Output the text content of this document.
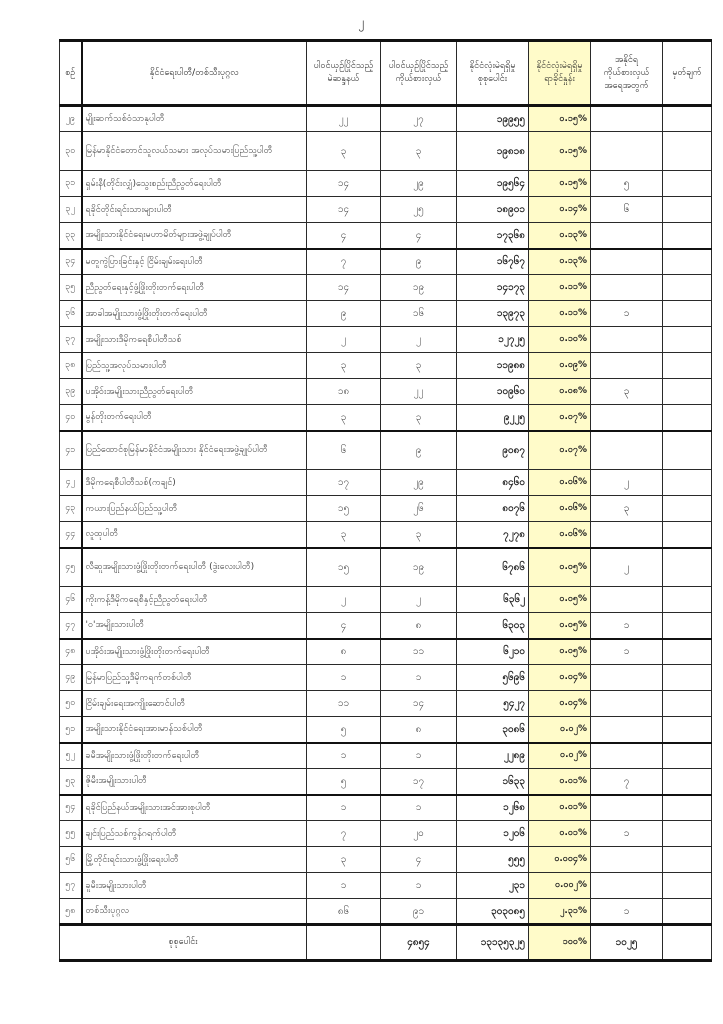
၂
စဉ်	နိုင်ငံရေးပါတီ/တစ်သီးပုဂ္ဂလ	ပါဝင်ယှဉ်ပြိုင်သည့်မဲဆန္ဒနယ်	ပါဝင်ယှဉ်ပြိုင်သည့်ကိုယ်စားလှယ်	နိုင်ငံလုံးမဲရရှိမှုစုစုပေါင်း	နိုင်ငံလုံးမဲရရှိမှုရာခိုင်နှုန်း	အနိုင်ရကိုယ်စားလှယ်အရေအတွက်	မှတ်ချက်
၂၉	မျိုးဆက်သစ်ဝံသာနုပါတီ	၂၂	၂၇	၁၉၉၅၅	၀.၁၅%		
၃၀	မြန်မာနိုင်ငံတောင်သူလယ်သမား အလုပ်သမားပြည်သူ့ပါတီ	၃	၃	၁၉၈၁၈	၀.၁၅%		
၃၁	ရှမ်းနီ(တိုင်းလျှံ)သွေးစည်းညီညွတ်ရေးပါတီ	၁၄	၂၉	၁၉၅၆၄	၀.၁၅%	၅	
၃၂	ရခိုင်တိုင်းရင်းသားများပါတီ	၁၄	၂၅	၁၈၉၀၁	၀.၁၄%	၆	
၃၃	အမျိုးသားနိုင်ငံရေးမဟာမိတ်များအဖွဲ့ချုပ်ပါတီ	၄	၄	၁၇၃၆၈	၀.၁၃%		
၃၄	မတူကွဲပြားခြင်းနှင့် ငြိမ်းချမ်းရေးပါတီ	၇	၉	၁၆၇၆၇	၀.၁၃%		
၃၅	ညီညွတ်ရေးနှင့်ဖွံ့ဖြိုးတိုးတက်ရေးပါတီ	၁၄	၁၉	၁၄၁၇၃	၀.၁၁%		
၃၆	အာခါအမျိုးသားဖွံ့ဖြိုးတိုးတက်ရေးပါတီ	၉	၁၆	၁၃၉၇၃	၀.၁၁%	၁	
၃၇	အမျိုးသားဒီမိုကရေစီပါတီသစ်	၂	၂	၁၂၇၂၅	၀.၁၀%		
၃၈	ပြည်သူ့အလုပ်သမားပါတီ	၃	၃	၁၁၉၈၈	၀.၀၉%		
၃၉	ပအိုဝ်းအမျိုးသားညီညွတ်ရေးပါတီ	၁၈	၂၂	၁၀၉၆၀	၀.၀၈%	၃	
၄၀	မွန်တိုးတက်ရေးပါတီ	၃	၃	၉၂၂၅	၀.၀၇%		
၄၁	ပြည်ထောင်စုမြန်မာနိုင်ငံအမျိုးသား နိုင်ငံရေးအဖွဲ့ချုပ်ပါတီ	၆	၉	၉၀၈၇	၀.၀၇%		
၄၂	ဒီမိုကရေစီပါတီသစ်(ကချင်)	၁၇	၂၉	၈၄၆၀	၀.၀၆%	၂	
၄၃	ကယားပြည်နယ်ပြည်သူ့ပါတီ	၁၅	၂၆	၈၀၇၆	၀.၀၆%	၃	
၄၄	လူထုပါတီ	၃	၃	၇၂၇၈	၀.၀၆%		
၄၅	လီဆူအမျိုးသားဖွံ့ဖြိုးတိုးတက်ရေးပါတီ (ဒွဲးလေးပါတီ)	၁၅	၁၉	၆၇၈၆	၀.၀၅%	၂	
၄၆	ကိုးကန့်ဒီမိုကရေစီနှင့်ညီညွတ်ရေးပါတီ	၂	၂	၆၃၆၂	၀.၀၅%		
၄၇	'ဝ'အမျိုးသားပါတီ	၄	၈	၆၃၀၃	၀.၀၅%	၁	
၄၈	ပအိုဝ်းအမျိုးသားဖွံ့ဖြိုးတိုးတက်ရေးပါတီ	၈	၁၁	၆၂၁၀	၀.၀၅%	၁	
၄၉	မြန်မာပြည်သူ့ဒီမိုကရက်တစ်ပါတီ	၁	၁	၅၆၉၆	၀.၀၄%		
၅၀	ငြိမ်းချမ်းရေးအကျိုးဆောင်ပါတီ	၁၁	၁၄	၅၄၂၇	၀.၀၄%		
၅၁	အမျိုးသားနိုင်ငံရေးအားမာန်သစ်ပါတီ	၅	၈	၃၀၈၆	၀.၀၂%		
၅၂	ခမီအမျိုးသားဖွံ့ဖြိုးတိုးတက်ရေးပါတီ	၁	၁	၂၂၈၉	၀.၀၂%		
၅၃	ဇိုမီးအမျိုးသားပါတီ	၅	၁၇	၁၆၃၃	၀.၀၁%	၇	
၅၄	ရခိုင်ပြည်နယ်အမျိုးသားအင်အားစုပါတီ	၁	၁	၁၂၆၈	၀.၀၁%		
၅၅	ချင်းပြည်သစ်ကွန်ဂရက်ပါတီ	၇	၂၀	၁၂၀၆	၀.၀၁%	၁	
၅၆	မြို့တိုင်းရင်းသားဖွံ့ဖြိုးရေးပါတီ	၃	၄	၅၅၅	၀.၀၀၄%		
၅၇	ခူမီးအမျိုးသားပါတီ	၁	၁	၂၃၁	၀.၀၀၂%		
၅၈	တစ်သီးပုဂ္ဂလ	၈၆	၉၁	၃၀၃၀၈၅	၂.၃၁%	၁	
စုစုပေါင်း			၄၈၅၄	၁၃၁၃၅၃၂၅	၁၀၀%	၁၀၂၅	
